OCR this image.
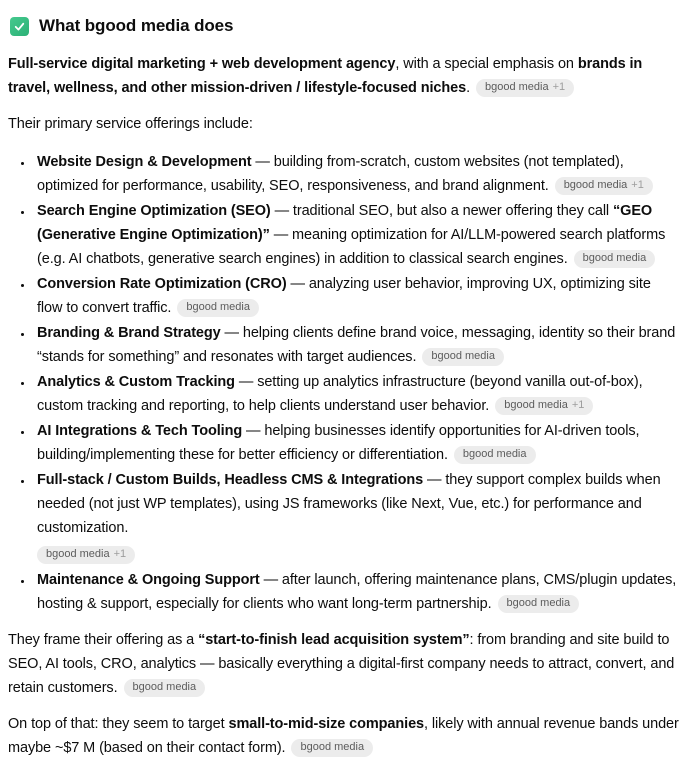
What bgood media does

Full-service digital marketing + web development agency, with a special emphasis on brands in travel, wellness, and other mission-driven / lifestyle-focused niches. bgood media +1

Their primary service offerings include:

• Website Design & Development — building from-scratch, custom websites (not templated), optimized for performance, usability, SEO, responsiveness, and brand alignment. bgood media +1
• Search Engine Optimization (SEO) — traditional SEO, but also a newer offering they call “GEO (Generative Engine Optimization)” — meaning optimization for AI/LLM-powered search platforms (e.g. AI chatbots, generative search engines) in addition to classical search engines. bgood media
• Conversion Rate Optimization (CRO) — analyzing user behavior, improving UX, optimizing site flow to convert traffic. bgood media
• Branding & Brand Strategy — helping clients define brand voice, messaging, identity so their brand “stands for something” and resonates with target audiences. bgood media
• Analytics & Custom Tracking — setting up analytics infrastructure (beyond vanilla out-of-box), custom tracking and reporting, to help clients understand user behavior. bgood media +1
• AI Integrations & Tech Tooling — helping businesses identify opportunities for AI-driven tools, building/implementing these for better efficiency or differentiation. bgood media
• Full-stack / Custom Builds, Headless CMS & Integrations — they support complex builds when needed (not just WP templates), using JS frameworks (like Next, Vue, etc.) for performance and customization.
bgood media +1
• Maintenance & Ongoing Support — after launch, offering maintenance plans, CMS/plugin updates, hosting & support, especially for clients who want long-term partnership. bgood media

They frame their offering as a “start-to-finish lead acquisition system”: from branding and site build to SEO, AI tools, CRO, analytics — basically everything a digital-first company needs to attract, convert, and retain customers. bgood media

On top of that: they seem to target small-to-mid-size companies, likely with annual revenue bands under maybe ~$7 M (based on their contact form). bgood media
